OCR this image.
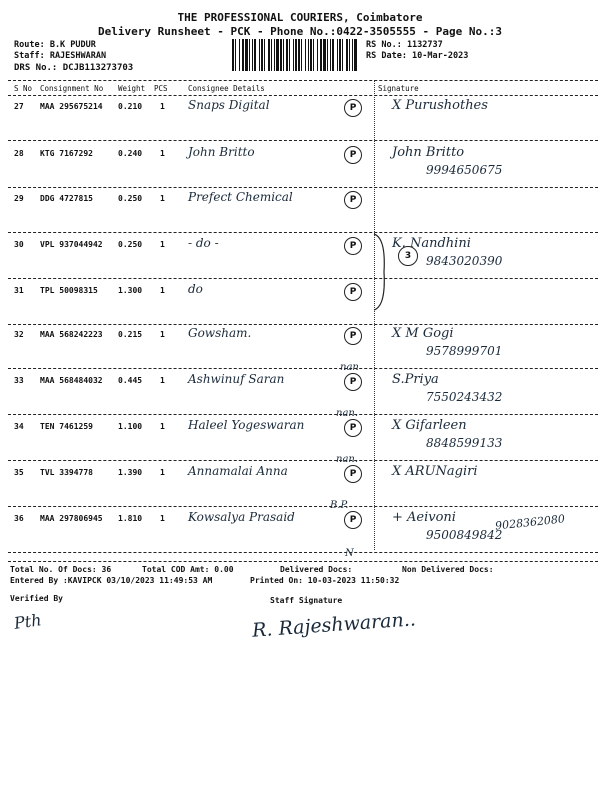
THE PROFESSIONAL COURIERS, Coimbatore
Delivery Runsheet - PCK - Phone No.:0422-3505555 - Page No.:3
Route: B.K PUDUR
Staff: RAJESHWARAN
DRS No.: DCJB113273703
RS No.: 1132737
RS Date: 10-Mar-2023
S No Consignment No Weight PCS	Consignee Details	Signature
27 MAA 295675214 0.210 1 Snaps Digital	P	X Purushothes
28 KTG 7167292	0.240 1 John Britto	P	John Britto
9994650675
29 DDG 4727815	0.250 1 Prefect Chemical	P
30 VPL 937044942 0.250 1 - do -	P	K. Nandhini
9843020390
31 TPL 50098315	1.300 1 do	P
32 MAA 568242223 0.215 1 Gowsham.	P	X M Gogi
9578999701
33 MAA 568484032 0.445 1 Ashwinuf Saran	P	S.Priya
7550243432
34 TEN 7461259	1.100 1 Haleel Yogeswaran	P	X Gifarleen
8848599133
35 TVL 3394778	1.390 1 Annamalai Anna	P	X ARUNagiri
36 MAA 297806945 1.810 1 Kowsalya Prasaid	P	+ Aeivoni
9500849842
3
nan
nan.
nan.
B.P.
N
9028362080
Total No. Of Docs: 36	Total COD Amt: 0.00	Delivered Docs:	Non Delivered Docs:
Entered By :KAVIPCK 03/10/2023 11:49:53 AM	Printed On: 10-03-2023 11:50:32
Verified By	Staff Signature
Pth	R. Rajeshwaran..
